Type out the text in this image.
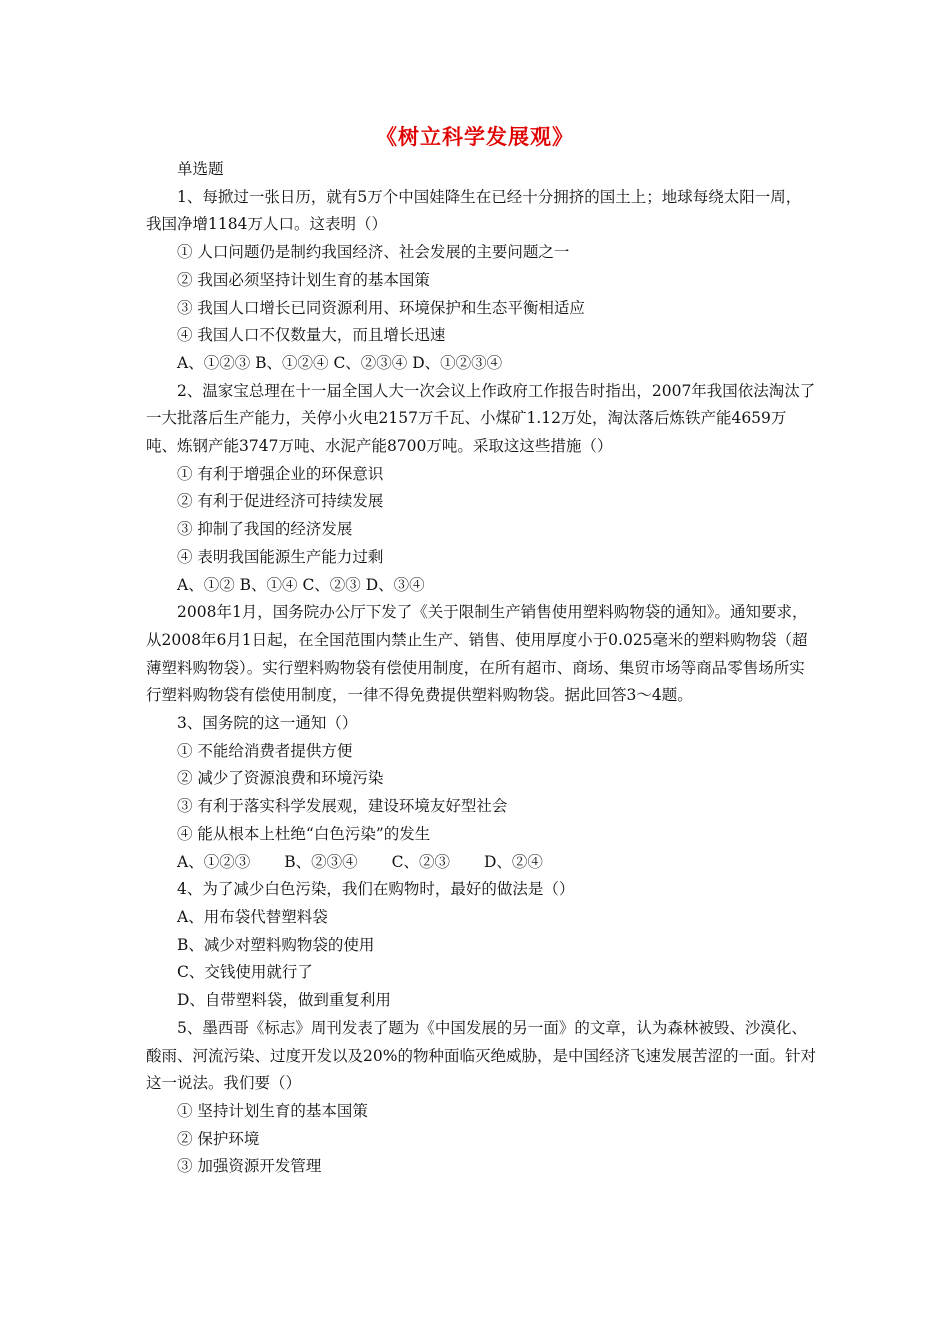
《树立科学发展观》

单选题

1、每掀过一张日历，就有5万个中国娃降生在已经十分拥挤的国土上；地球每绕太阳一周，我国净增1184万人口。这表明（）

① 人口问题仍是制约我国经济、社会发展的主要问题之一

② 我国必须坚持计划生育的基本国策

③ 我国人口增长已同资源利用、环境保护和生态平衡相适应

④ 我国人口不仅数量大，而且增长迅速

A、①②③ B、①②④ C、②③④ D、①②③④

2、温家宝总理在十一届全国人大一次会议上作政府工作报告时指出，2007年我国依法淘汰了一大批落后生产能力，关停小火电2157万千瓦、小煤矿1.12万处，淘汰落后炼铁产能4659万吨、炼钢产能3747万吨、水泥产能8700万吨。采取这这些措施（）

① 有利于增强企业的环保意识

② 有利于促进经济可持续发展

③ 抑制了我国的经济发展

④ 表明我国能源生产能力过剩

A、①② B、①④ C、②③ D、③④

2008年1月，国务院办公厅下发了《关于限制生产销售使用塑料购物袋的通知》。通知要求，从2008年6月1日起，在全国范围内禁止生产、销售、使用厚度小于0.025毫米的塑料购物袋（超薄塑料购物袋）。实行塑料购物袋有偿使用制度，在所有超市、商场、集贸市场等商品零售场所实行塑料购物袋有偿使用制度，一律不得免费提供塑料购物袋。据此回答3～4题。

3、国务院的这一通知（）

① 不能给消费者提供方便

② 减少了资源浪费和环境污染

③ 有利于落实科学发展观，建设环境友好型社会

④ 能从根本上杜绝“白色污染”的发生

A、①②③ B、②③④ C、②③ D、②④

4、为了减少白色污染，我们在购物时，最好的做法是（）

A、用布袋代替塑料袋

B、减少对塑料购物袋的使用

C、交钱使用就行了

D、自带塑料袋，做到重复利用

5、墨西哥《标志》周刊发表了题为《中国发展的另一面》的文章，认为森林被毁、沙漠化、酸雨、河流污染、过度开发以及20%的物种面临灭绝威胁，是中国经济飞速发展苦涩的一面。针对这一说法。我们要（）

① 坚持计划生育的基本国策

② 保护环境

③ 加强资源开发管理
